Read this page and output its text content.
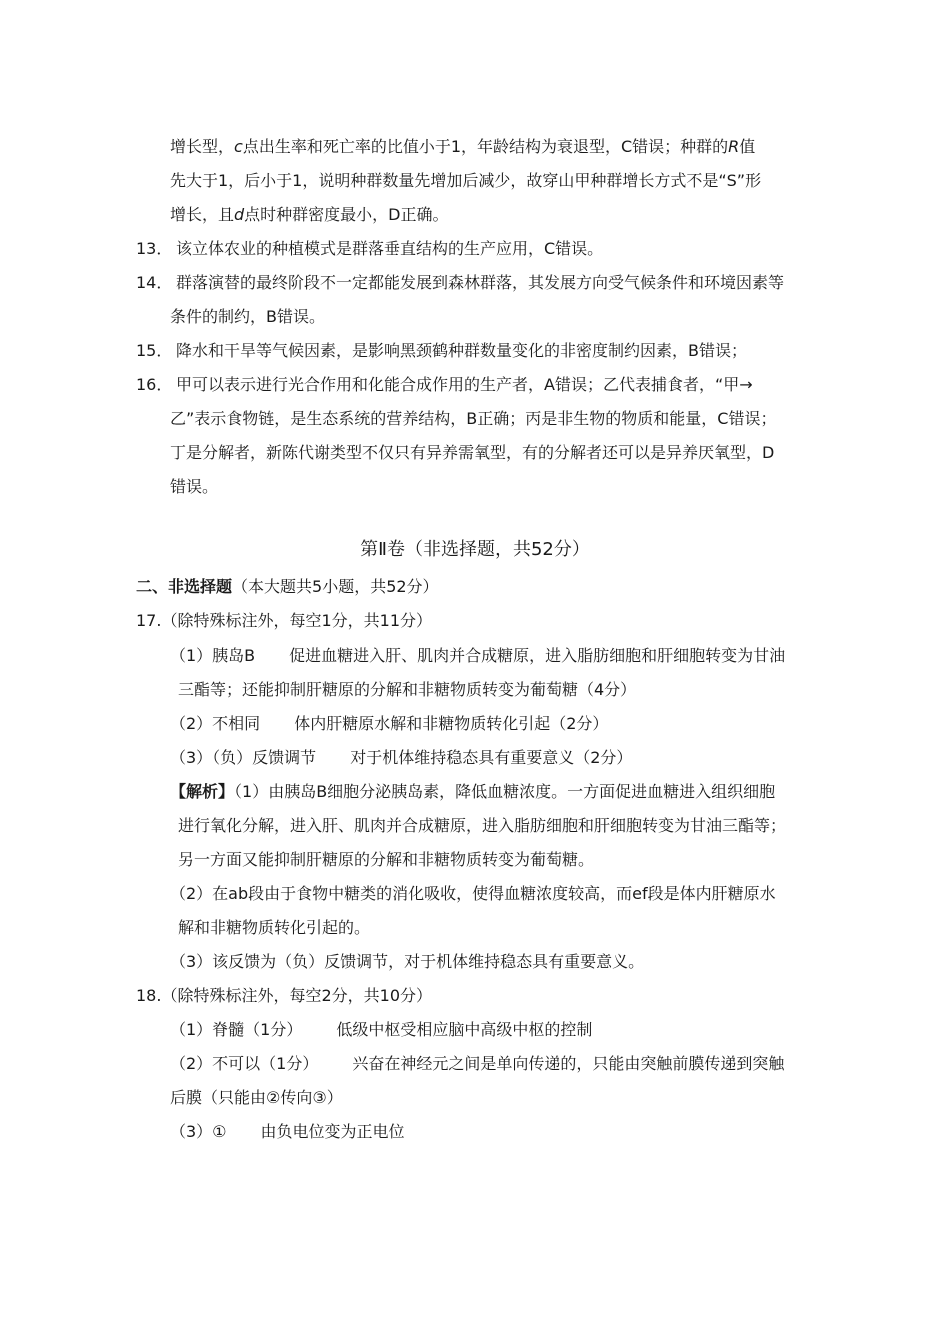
增长型，c点出生率和死亡率的比值小于1，年龄结构为衰退型，C错误；种群的R值
先大于1，后小于1，说明种群数量先增加后减少，故穿山甲种群增长方式不是“S”形
增长，且d点时种群密度最小，D正确。
13． 该立体农业的种植模式是群落垂直结构的生产应用，C错误。
14． 群落演替的最终阶段不一定都能发展到森林群落，其发展方向受气候条件和环境因素等
条件的制约，B错误。
15． 降水和干旱等气候因素，是影响黑颈鹤种群数量变化的非密度制约因素，B错误；
16． 甲可以表示进行光合作用和化能合成作用的生产者，A错误；乙代表捕食者，“甲→
乙”表示食物链，是生态系统的营养结构，B正确；丙是非生物的物质和能量，C错误；
丁是分解者，新陈代谢类型不仅只有异养需氧型，有的分解者还可以是异养厌氧型，D
错误。
第Ⅱ卷（非选择题，共52分）
二、非选择题（本大题共5小题，共52分）
17.（除特殊标注外，每空1分，共11分）
（1）胰岛B 促进血糖进入肝、肌肉并合成糖原，进入脂肪细胞和肝细胞转变为甘油
三酯等；还能抑制肝糖原的分解和非糖物质转变为葡萄糖（4分）
（2）不相同 体内肝糖原水解和非糖物质转化引起（2分）
（3）（负）反馈调节 对于机体维持稳态具有重要意义（2分）
【解析】（1）由胰岛B细胞分泌胰岛素，降低血糖浓度。一方面促进血糖进入组织细胞
进行氧化分解，进入肝、肌肉并合成糖原，进入脂肪细胞和肝细胞转变为甘油三酯等；
另一方面又能抑制肝糖原的分解和非糖物质转变为葡萄糖。
（2）在ab段由于食物中糖类的消化吸收，使得血糖浓度较高，而ef段是体内肝糖原水
解和非糖物质转化引起的。
（3）该反馈为（负）反馈调节，对于机体维持稳态具有重要意义。
18.（除特殊标注外，每空2分，共10分）
（1）脊髓（1分） 低级中枢受相应脑中高级中枢的控制
（2）不可以（1分） 兴奋在神经元之间是单向传递的，只能由突触前膜传递到突触
后膜（只能由②传向③）
（3）① 由负电位变为正电位
